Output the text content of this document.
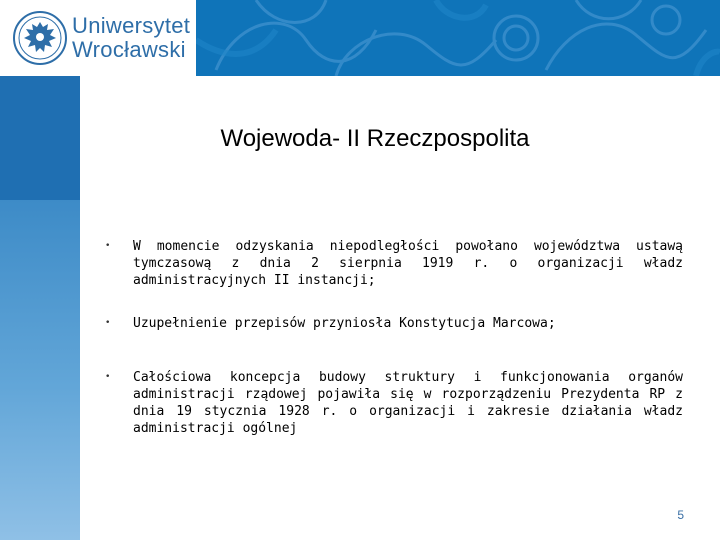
Uniwersytet
Wrocławski
Wojewoda- II Rzeczpospolita
• W momencie odzyskania niepodległości powołano województwa ustawą tymczasową z dnia 2 sierpnia 1919 r. o organizacji władz administracyjnych II instancji;
• Uzupełnienie przepisów przyniosła Konstytucja Marcowa;
• Całościowa koncepcja budowy struktury i funkcjonowania organów administracji rządowej pojawiła się w rozporządzeniu Prezydenta RP z dnia 19 stycznia 1928 r. o organizacji i zakresie działania władz administracji ogólnej
5
